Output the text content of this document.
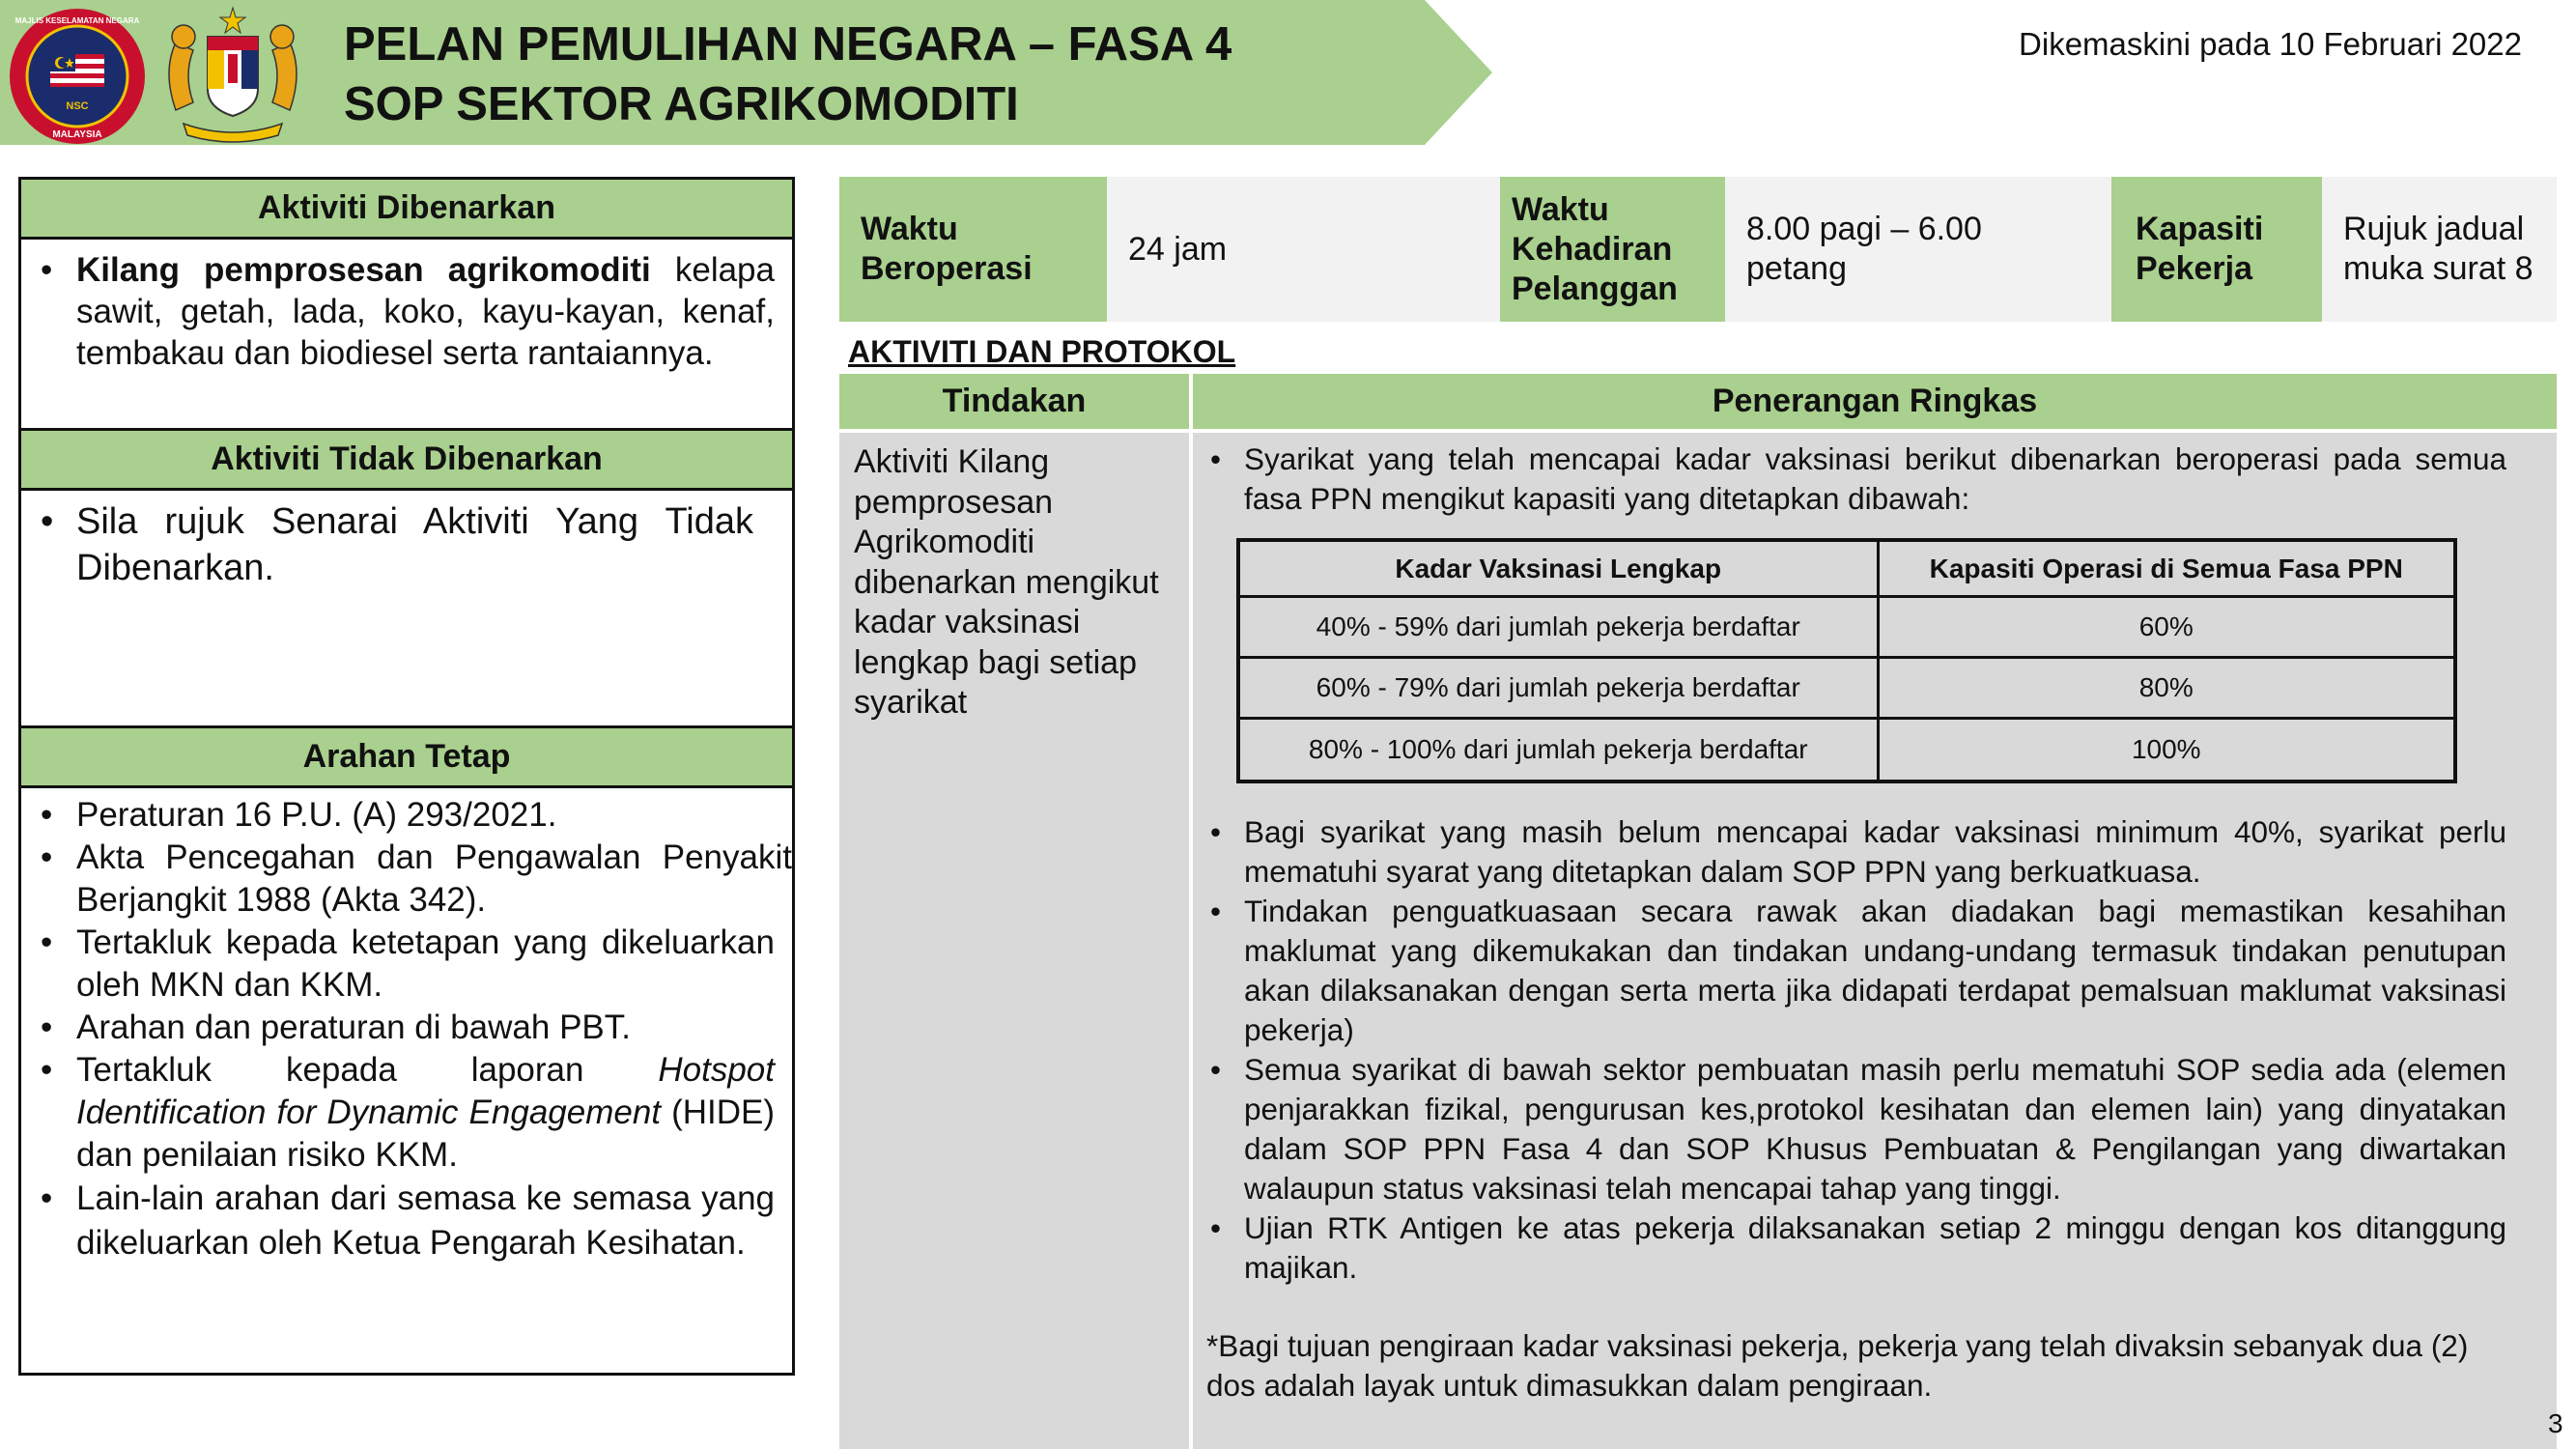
NSC
MALAYSIA
MAJLIS KESELAMATAN NEGARA	PELAN PEMULIHAN NEGARA – FASA 4
SOP SEKTOR AGRIKOMODITI
Dikemaskini pada 10 Februari 2022
Aktiviti Dibenarkan
• Kilang pemprosesan agrikomoditi kelapa sawit, getah, lada, koko, kayu-kayan, kenaf, tembakau dan biodiesel serta rantaiannya.
Aktiviti Tidak Dibenarkan
• Sila rujuk Senarai Aktiviti Yang Tidak Dibenarkan.
Arahan Tetap
• Peraturan 16 P.U. (A) 293/2021.
• Akta Pencegahan dan Pengawalan Penyakit Berjangkit 1988 (Akta 342).
• Tertakluk kepada ketetapan yang dikeluarkan oleh MKN dan KKM.
• Arahan dan peraturan di bawah PBT.
• Tertakluk kepada laporan Hotspot Identification for Dynamic Engagement (HIDE) dan penilaian risiko KKM.
• Lain-lain arahan dari semasa ke semasa yang dikeluarkan oleh Ketua Pengarah Kesihatan.
Waktu Beroperasi
24 jam
Waktu Kehadiran Pelanggan
8.00 pagi – 6.00 petang
Kapasiti Pekerja
Rujuk jadual muka surat 8
AKTIVITI DAN PROTOKOL
Tindakan	Penerangan Ringkas
Aktiviti Kilang pemprosesan Agrikomoditi dibenarkan mengikut kadar vaksinasi lengkap bagi setiap syarikat
• Syarikat yang telah mencapai kadar vaksinasi berikut dibenarkan beroperasi pada semua fasa PPN mengikut kapasiti yang ditetapkan dibawah:
Kadar Vaksinasi Lengkap	Kapasiti Operasi di Semua Fasa PPN
40% - 59% dari jumlah pekerja berdaftar	60%
60% - 79% dari jumlah pekerja berdaftar	80%
80% - 100% dari jumlah pekerja berdaftar	100%
• Bagi syarikat yang masih belum mencapai kadar vaksinasi minimum 40%, syarikat perlu mematuhi syarat yang ditetapkan dalam SOP PPN yang berkuatkuasa.
• Tindakan penguatkuasaan secara rawak akan diadakan bagi memastikan kesahihan maklumat yang dikemukakan dan tindakan undang-undang termasuk tindakan penutupan akan dilaksanakan dengan serta merta jika didapati terdapat pemalsuan maklumat vaksinasi pekerja)
• Semua syarikat di bawah sektor pembuatan masih perlu mematuhi SOP sedia ada (elemen penjarakkan fizikal, pengurusan kes,protokol kesihatan dan elemen lain) yang dinyatakan dalam SOP PPN Fasa 4 dan SOP Khusus Pembuatan & Pengilangan yang diwartakan walaupun status vaksinasi telah mencapai tahap yang tinggi.
• Ujian RTK Antigen ke atas pekerja dilaksanakan setiap 2 minggu dengan kos ditanggung majikan.
*Bagi tujuan pengiraan kadar vaksinasi pekerja, pekerja yang telah divaksin sebanyak dua (2) dos adalah layak untuk dimasukkan dalam pengiraan.
3
